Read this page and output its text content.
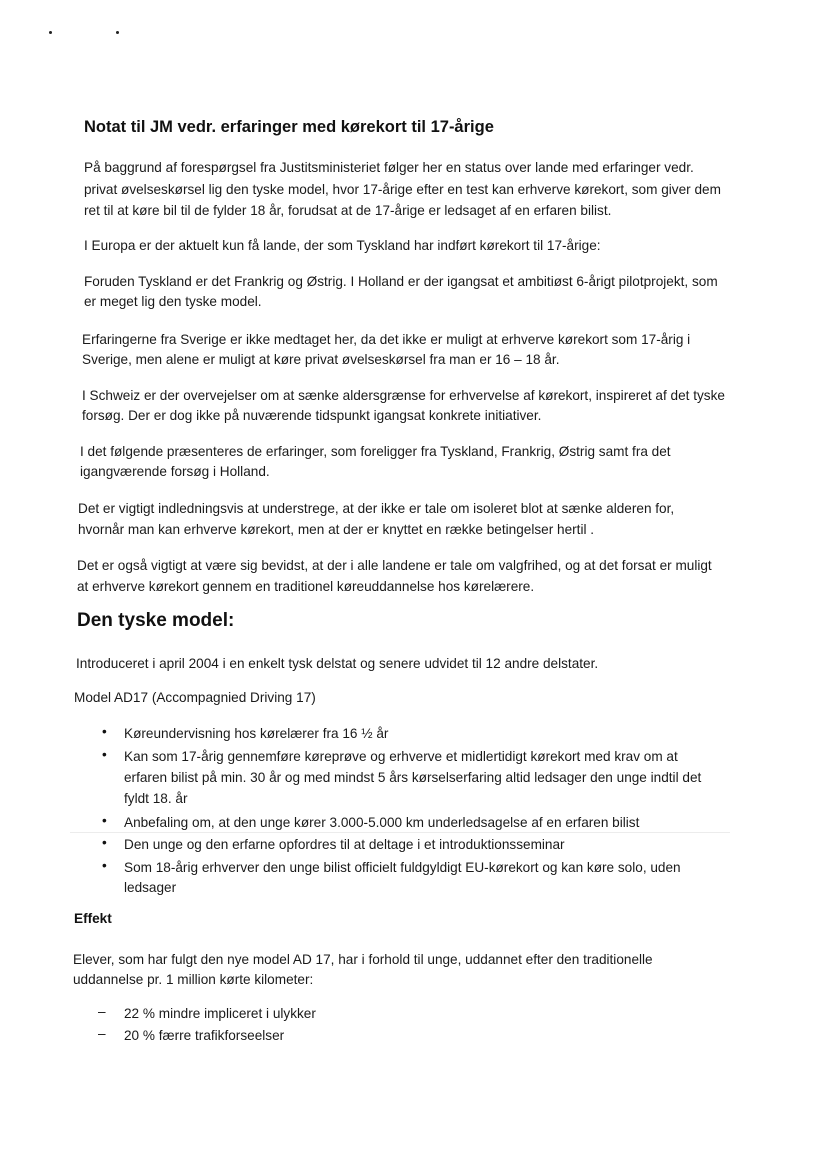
Notat til JM vedr. erfaringer med kørekort til 17-årige
På baggrund af forespørgsel fra Justitsministeriet følger her en status over lande med erfaringer vedr.
privat øvelseskørsel lig den tyske model, hvor 17-årige efter en test kan erhverve kørekort, som giver dem
ret til at køre bil til de fylder 18 år, forudsat at de 17-årige er ledsaget af en erfaren bilist.
I Europa er der aktuelt kun få lande, der som Tyskland har indført kørekort til 17-årige:
Foruden Tyskland er det Frankrig og Østrig. I Holland er der igangsat et ambitiøst 6-årigt pilotprojekt, som
er meget lig den tyske model.
Erfaringerne fra Sverige er ikke medtaget her, da det ikke er muligt at erhverve kørekort som 17-årig i
Sverige, men alene er muligt at køre privat øvelseskørsel fra man er 16 – 18 år.
I Schweiz er der overvejelser om at sænke aldersgrænse for erhvervelse af kørekort, inspireret af det tyske
forsøg. Der er dog ikke på nuværende tidspunkt igangsat konkrete initiativer.
I det følgende præsenteres de erfaringer, som foreligger fra Tyskland, Frankrig, Østrig samt fra det
igangværende forsøg i Holland.
Det er vigtigt indledningsvis at understrege, at der ikke er tale om isoleret blot at sænke alderen for,
hvornår man kan erhverve kørekort, men at der er knyttet en række betingelser hertil .
Det er også vigtigt at være sig bevidst, at der i alle landene er tale om valgfrihed, og at det forsat er muligt
at erhverve kørekort gennem en traditionel køreuddannelse hos kørelærere.
Den tyske model:
Introduceret i april 2004 i en enkelt tysk delstat og senere udvidet til 12 andre delstater.
Model AD17 (Accompagnied Driving 17)
• Køreundervisning hos kørelærer fra 16 ½ år
• Kan som 17-årig gennemføre køreprøve og erhverve et midlertidigt kørekort med krav om at
erfaren bilist på min. 30 år og med mindst 5 års kørselserfaring altid ledsager den unge indtil det
fyldt 18. år
• Anbefaling om, at den unge kører 3.000-5.000 km underledsagelse af en erfaren bilist
• Den unge og den erfarne opfordres til at deltage i et introduktionsseminar
• Som 18-årig erhverver den unge bilist officielt fuldgyldigt EU-kørekort og kan køre solo, uden
ledsager
Effekt
Elever, som har fulgt den nye model AD 17, har i forhold til unge, uddannet efter den traditionelle
uddannelse pr. 1 million kørte kilometer:
– 22 % mindre impliceret i ulykker
– 20 % færre trafikforseelser
